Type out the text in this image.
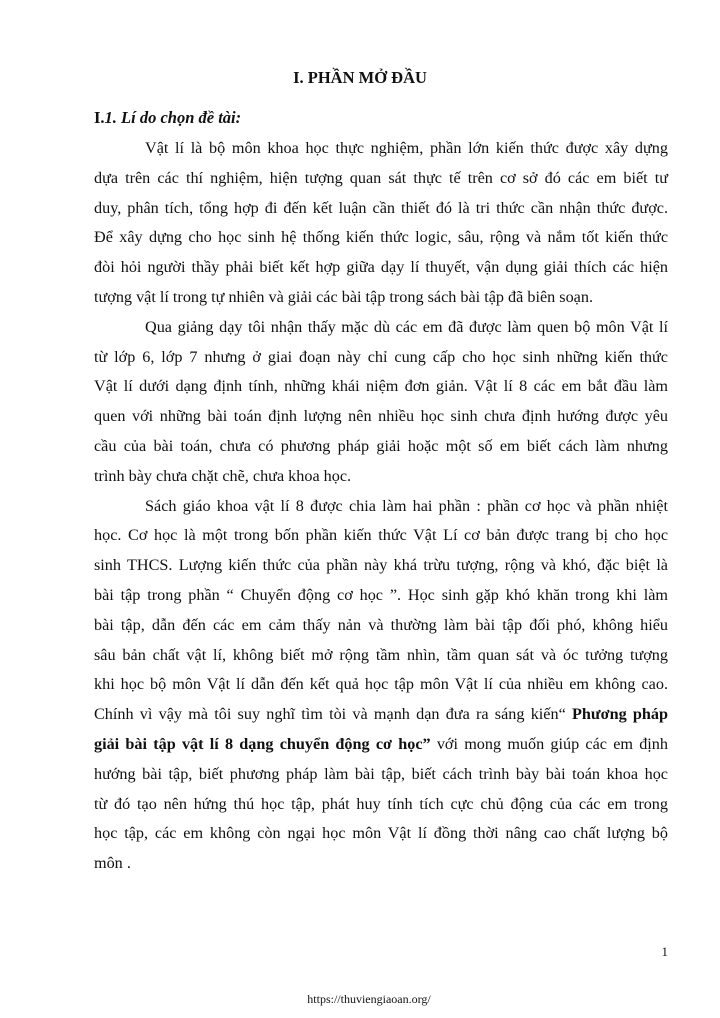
I. PHẦN MỞ ĐẦU
I.1. Lí do chọn đề tài:
Vật lí là bộ môn khoa học thực nghiệm, phần lớn kiến thức được xây dựng
dựa trên các thí nghiệm, hiện tượng quan sát thực tế trên cơ sở đó các em biết tư
duy, phân tích, tổng hợp đi đến kết luận cần thiết đó là tri thức cần nhận thức được.
Để xây dựng cho học sinh hệ thống kiến thức logic, sâu, rộng và nắm tốt kiến thức
đòi hỏi người thầy phải biết kết hợp giữa dạy lí thuyết, vận dụng giải thích các hiện
tượng vật lí trong tự nhiên và giải các bài tập trong sách bài tập đã biên soạn.
Qua giảng dạy tôi nhận thấy mặc dù các em đã được làm quen bộ môn Vật lí
từ lớp 6, lớp 7 nhưng ở giai đoạn này chỉ cung cấp cho học sinh những kiến thức
Vật lí dưới dạng định tính, những khái niệm đơn giản. Vật lí 8 các em bắt đầu làm
quen với những bài toán định lượng nên nhiều học sinh chưa định hướng được yêu
cầu của bài toán, chưa có phương pháp giải hoặc một số em biết cách làm nhưng
trình bày chưa chặt chẽ, chưa khoa học.
Sách giáo khoa vật lí 8 được chia làm hai phần : phần cơ học và phần nhiệt
học. Cơ học là một trong bốn phần kiến thức Vật Lí cơ bản được trang bị cho học
sinh THCS. Lượng kiến thức của phần này khá trừu tượng, rộng và khó, đặc biệt là
bài tập trong phần “ Chuyển động cơ học ”. Học sinh gặp khó khăn trong khi làm
bài tập, dẫn đến các em cảm thấy nản và thường làm bài tập đối phó, không hiểu
sâu bản chất vật lí, không biết mở rộng tầm nhìn, tầm quan sát và óc tưởng tượng
khi học bộ môn Vật lí dẫn đến kết quả học tập môn Vật lí của nhiều em không cao.
Chính vì vậy mà tôi suy nghĩ tìm tòi và mạnh dạn đưa ra sáng kiến“ Phương pháp
giải bài tập vật lí 8 dạng chuyển động cơ học” với mong muốn giúp các em định
hướng bài tập, biết phương pháp làm bài tập, biết cách trình bày bài toán khoa học
từ đó tạo nên hứng thú học tập, phát huy tính tích cực chủ động của các em trong
học tập, các em không còn ngại học môn Vật lí đồng thời nâng cao chất lượng bộ
môn .
1
https://thuviengiaoan.org/
